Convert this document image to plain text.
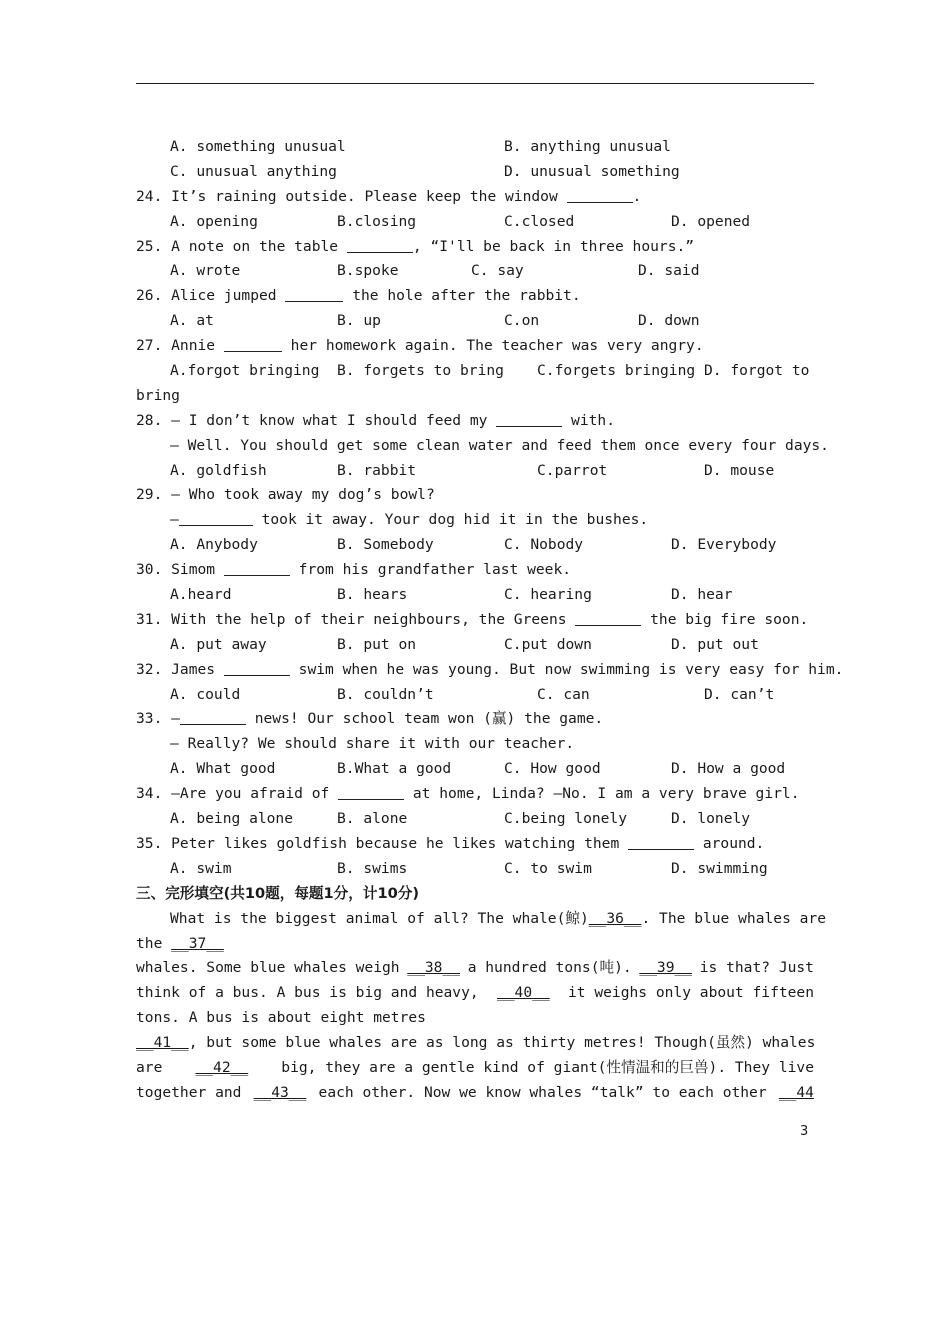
A. something unusual

	B. anything unusual

C. unusual anything

	D. unusual something

24. It’s raining outside. Please keep the window	.

A. opening

	B.closing

	C.closed

	D. opened

25. A note on the table	, “I'll be back in three hours.”

A. wrote

	B.spoke

	C. say

	D. said

26. Alice jumped	the hole after the rabbit.

A. at

	B. up

	C.on

	D. down

27. Annie	her homework again. The teacher was very angry.

A.forgot bringing

B. forgets to bring

C.forgets bringing

D. forgot to

bring
28. — I don’t know what I should feed my	with.
— Well. You should get some clean water and feed them once every four days.

A. goldfish

	B. rabbit

	C.parrot

	D. mouse

29. — Who took away my dog’s bowl?
—	took it away. Your dog hid it in the bushes.

A. Anybody

	B. Somebody

	C. Nobody

	D. Everybody

30. Simom	from his grandfather last week.

A.heard

	B. hears

	C. hearing

	D. hear

31. With the help of their neighbours, the Greens	the big fire soon.

A. put away

	B. put on

	C.put down

	D. put out

32. James	swim when he was young. But now swimming is very easy for him.

A. could

	B. couldn’t

	C. can

	D. can’t

33. —	news! Our school team won (赢) the game.
— Really? We should share it with our teacher.

A. What good

	B.What a good

	C. How good

	D. How a good

34. —Are you afraid of	at home, Linda? —No. I am a very brave girl.

A. being alone

	B. alone

	C.being lonely

	D. lonely

35. Peter likes goldfish because he likes watching them	around.

A. swim

	B. swims

	C. to swim

	D. swimming

三、完形填空(共10题，每题1分，计10分)
What is the biggest animal of all? The whale(鲸) __36__ . The blue whales are
the __37__
whales. Some blue whales weigh __38__ a hundred tons(吨). __39__ is that? Just
think of a bus. A bus is big and heavy, __40__ it weighs only about fifteen
tons. A bus is about eight metres
__41__ , but some blue whales are as long as thirty metres! Though(虽然) whales
are __42__ big, they are a gentle kind of giant(性情温和的巨兽). They live
together and __43__ each other. Now we know whales “talk” to each other __44
3
